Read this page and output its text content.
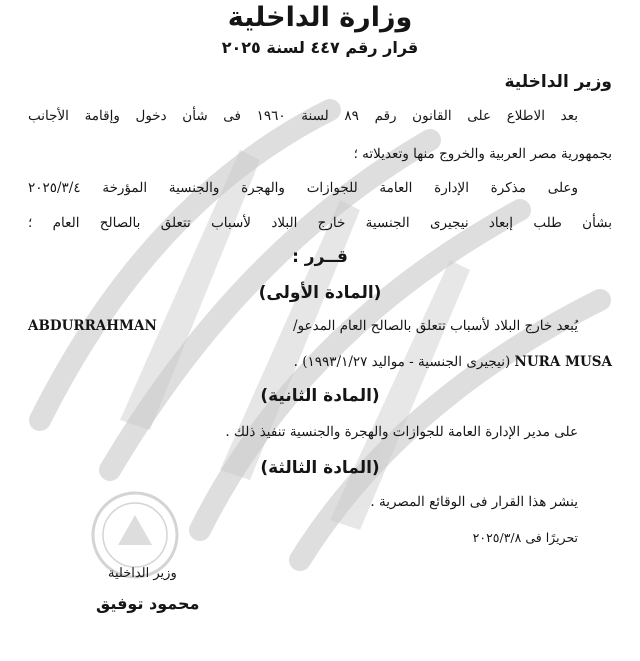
وزارة الداخلية
قرار رقم ٤٤٧ لسنة ٢٠٢٥
وزير الداخلية
بعد الاطلاع على القانون رقم ٨٩ لسنة ١٩٦٠ فى شأن دخول وإقامة الأجانب
بجمهورية مصر العربية والخروج منها وتعديلاته ؛
وعلى مذكرة الإدارة العامة للجوازات والهجرة والجنسية المؤرخة ٢٠٢٥/٣/٤
بشأن طلب إبعاد نيجيرى الجنسية خارج البلاد لأسباب تتعلق بالصالح العام ؛
قــرر :
(المادة الأولى)
يُبعد خارج البلاد لأسباب تتعلق بالصالح العام المدعو/
ABDURRAHMAN
NURA MUSA (نيجيرى الجنسية - مواليد ١٩٩٣/١/٢٧) .
(المادة الثانية)
على مدير الإدارة العامة للجوازات والهجرة والجنسية تنفيذ ذلك .
(المادة الثالثة)
ينشر هذا القرار فى الوقائع المصرية .
تحريرًا فى ٢٠٢٥/٣/٨
وزير الداخلية
محمود توفيق
